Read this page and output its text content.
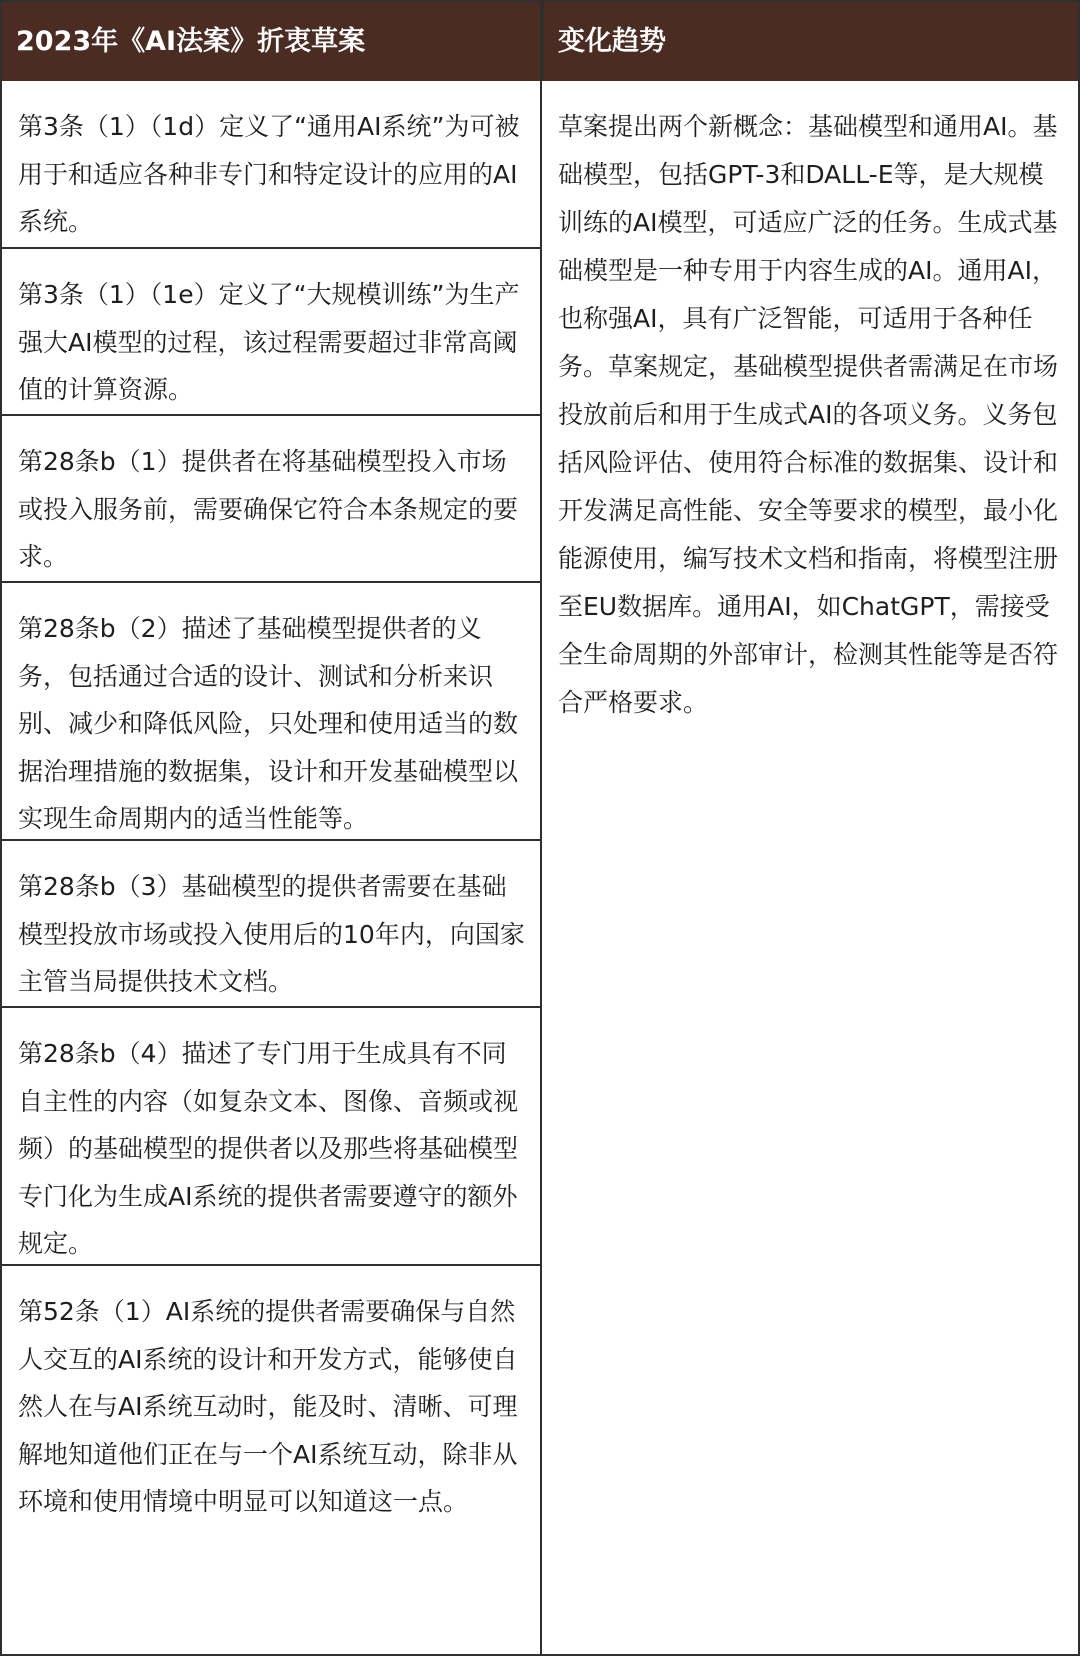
2023年《AI法案》折衷草案	变化趋势
第3条（1）（1d）定义了“通用AI系统”为可被用于和适应各种非专门和特定设计的应用的AI系统。
第3条（1）（1e）定义了“大规模训练”为生产强大AI模型的过程，该过程需要超过非常高阈值的计算资源。
第28条b（1）提供者在将基础模型投入市场或投入服务前，需要确保它符合本条规定的要求。
第28条b（2）描述了基础模型提供者的义务，包括通过合适的设计、测试和分析来识别、减少和降低风险，只处理和使用适当的数据治理措施的数据集，设计和开发基础模型以实现生命周期内的适当性能等。
第28条b（3）基础模型的提供者需要在基础模型投放市场或投入使用后的10年内，向国家主管当局提供技术文档。
第28条b（4）描述了专门用于生成具有不同自主性的内容（如复杂文本、图像、音频或视频）的基础模型的提供者以及那些将基础模型专门化为生成AI系统的提供者需要遵守的额外规定。
第52条（1）AI系统的提供者需要确保与自然人交互的AI系统的设计和开发方式，能够使自然人在与AI系统互动时，能及时、清晰、可理解地知道他们正在与一个AI系统互动，除非从环境和使用情境中明显可以知道这一点。
草案提出两个新概念：基础模型和通用AI。基础模型，包括GPT-3和DALL-E等，是大规模训练的AI模型，可适应广泛的任务。生成式基础模型是一种专用于内容生成的AI。通用AI，也称强AI，具有广泛智能，可适用于各种任务。草案规定，基础模型提供者需满足在市场投放前后和用于生成式AI的各项义务。义务包括风险评估、使用符合标准的数据集、设计和开发满足高性能、安全等要求的模型，最小化能源使用，编写技术文档和指南，将模型注册至EU数据库。通用AI，如ChatGPT，需接受全生命周期的外部审计，检测其性能等是否符合严格要求。
